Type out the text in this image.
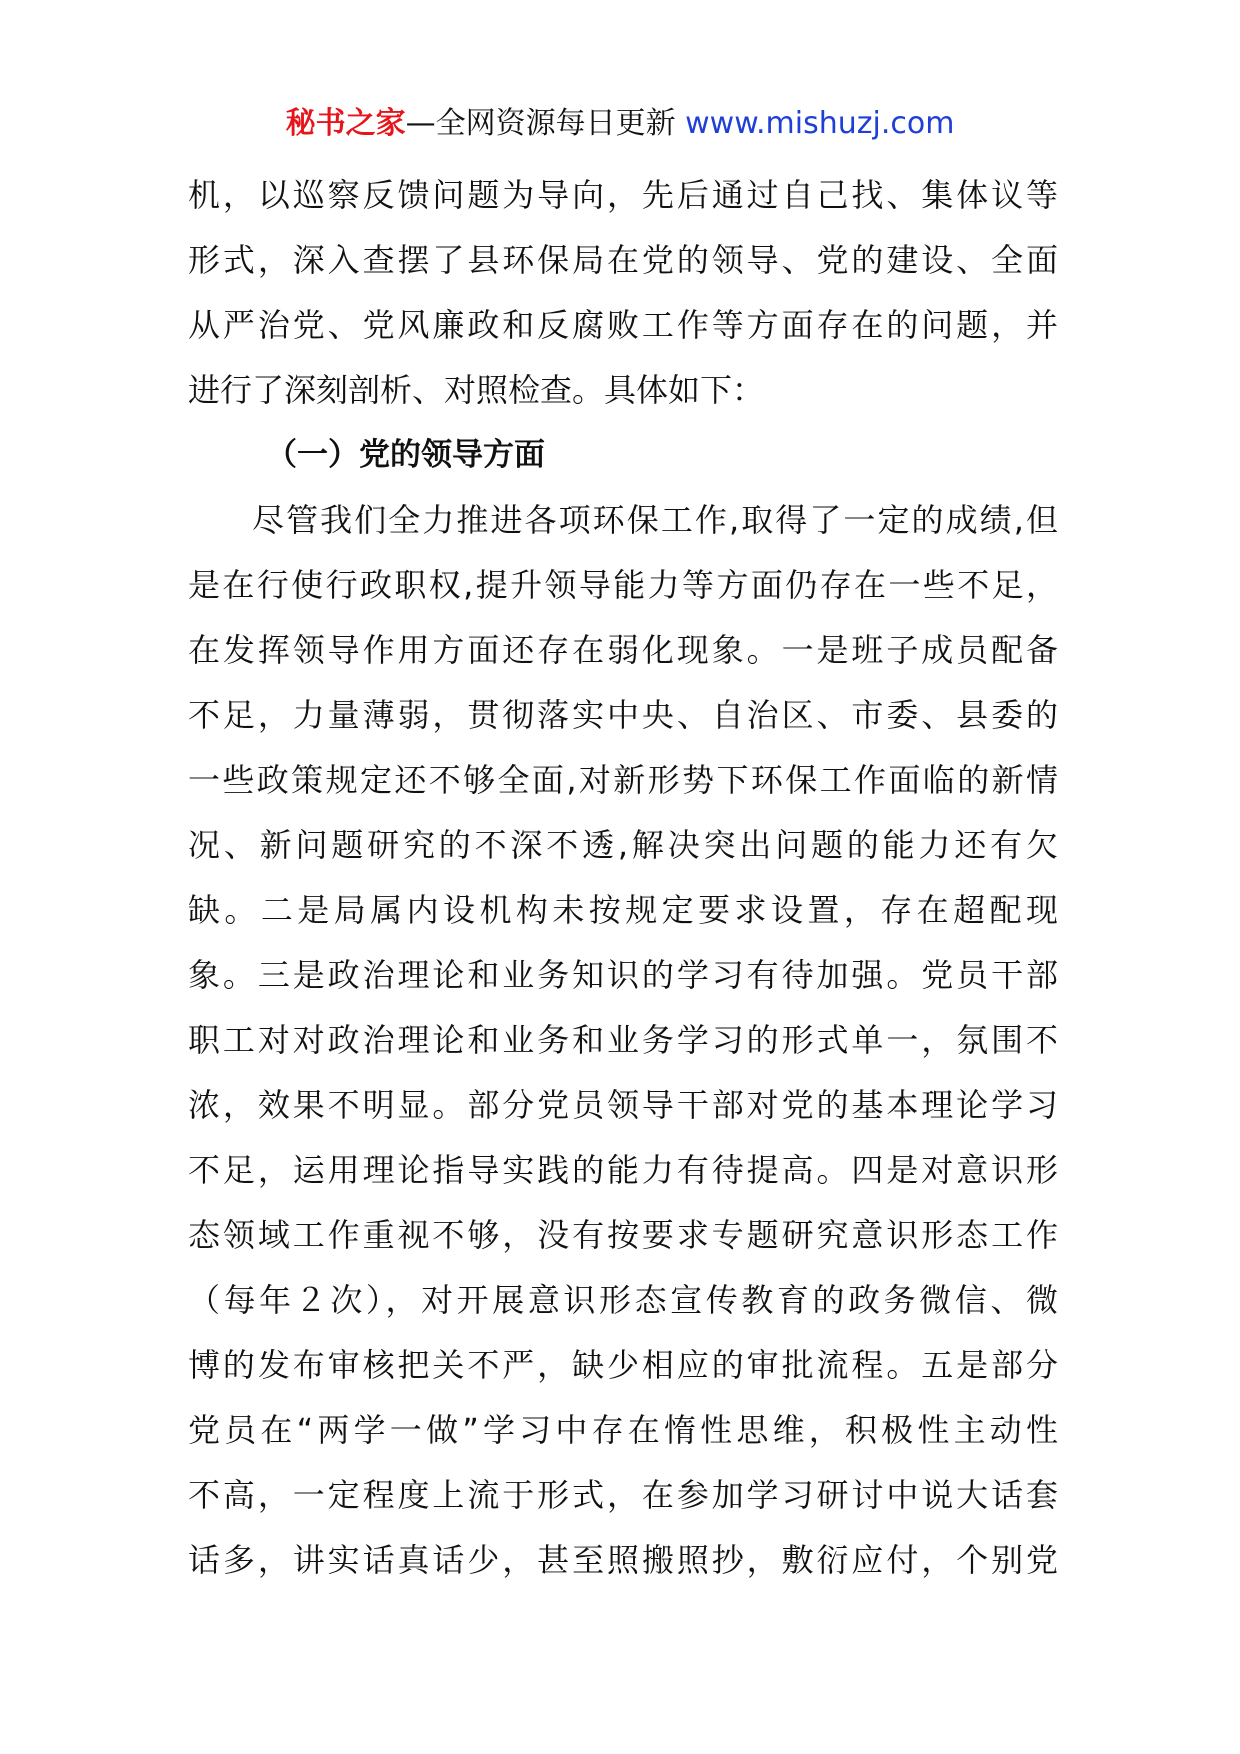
秘书之家—全网资源每日更新 www.mishuzj.com
机，以巡察反馈问题为导向，先后通过自己找、集体议等
形式，深入查摆了县环保局在党的领导、党的建设、全面
从严治党、党风廉政和反腐败工作等方面存在的问题，并
进行了深刻剖析、对照检查。具体如下：
（一）党的领导方面
尽管我们全力推进各项环保工作,取得了一定的成绩,但
是在行使行政职权,提升领导能力等方面仍存在一些不足，
在发挥领导作用方面还存在弱化现象。一是班子成员配备
不足，力量薄弱，贯彻落实中央、自治区、市委、县委的
一些政策规定还不够全面,对新形势下环保工作面临的新情
况、新问题研究的不深不透,解决突出问题的能力还有欠
缺。二是局属内设机构未按规定要求设置，存在超配现
象。三是政治理论和业务知识的学习有待加强。党员干部
职工对对政治理论和业务和业务学习的形式单一，氛围不
浓，效果不明显。部分党员领导干部对党的基本理论学习
不足，运用理论指导实践的能力有待提高。四是对意识形
态领域工作重视不够，没有按要求专题研究意识形态工作
（每年２次），对开展意识形态宣传教育的政务微信、微
博的发布审核把关不严，缺少相应的审批流程。五是部分
党员在“两学一做”学习中存在惰性思维，积极性主动性
不高，一定程度上流于形式，在参加学习研讨中说大话套
话多，讲实话真话少，甚至照搬照抄，敷衍应付，个别党
